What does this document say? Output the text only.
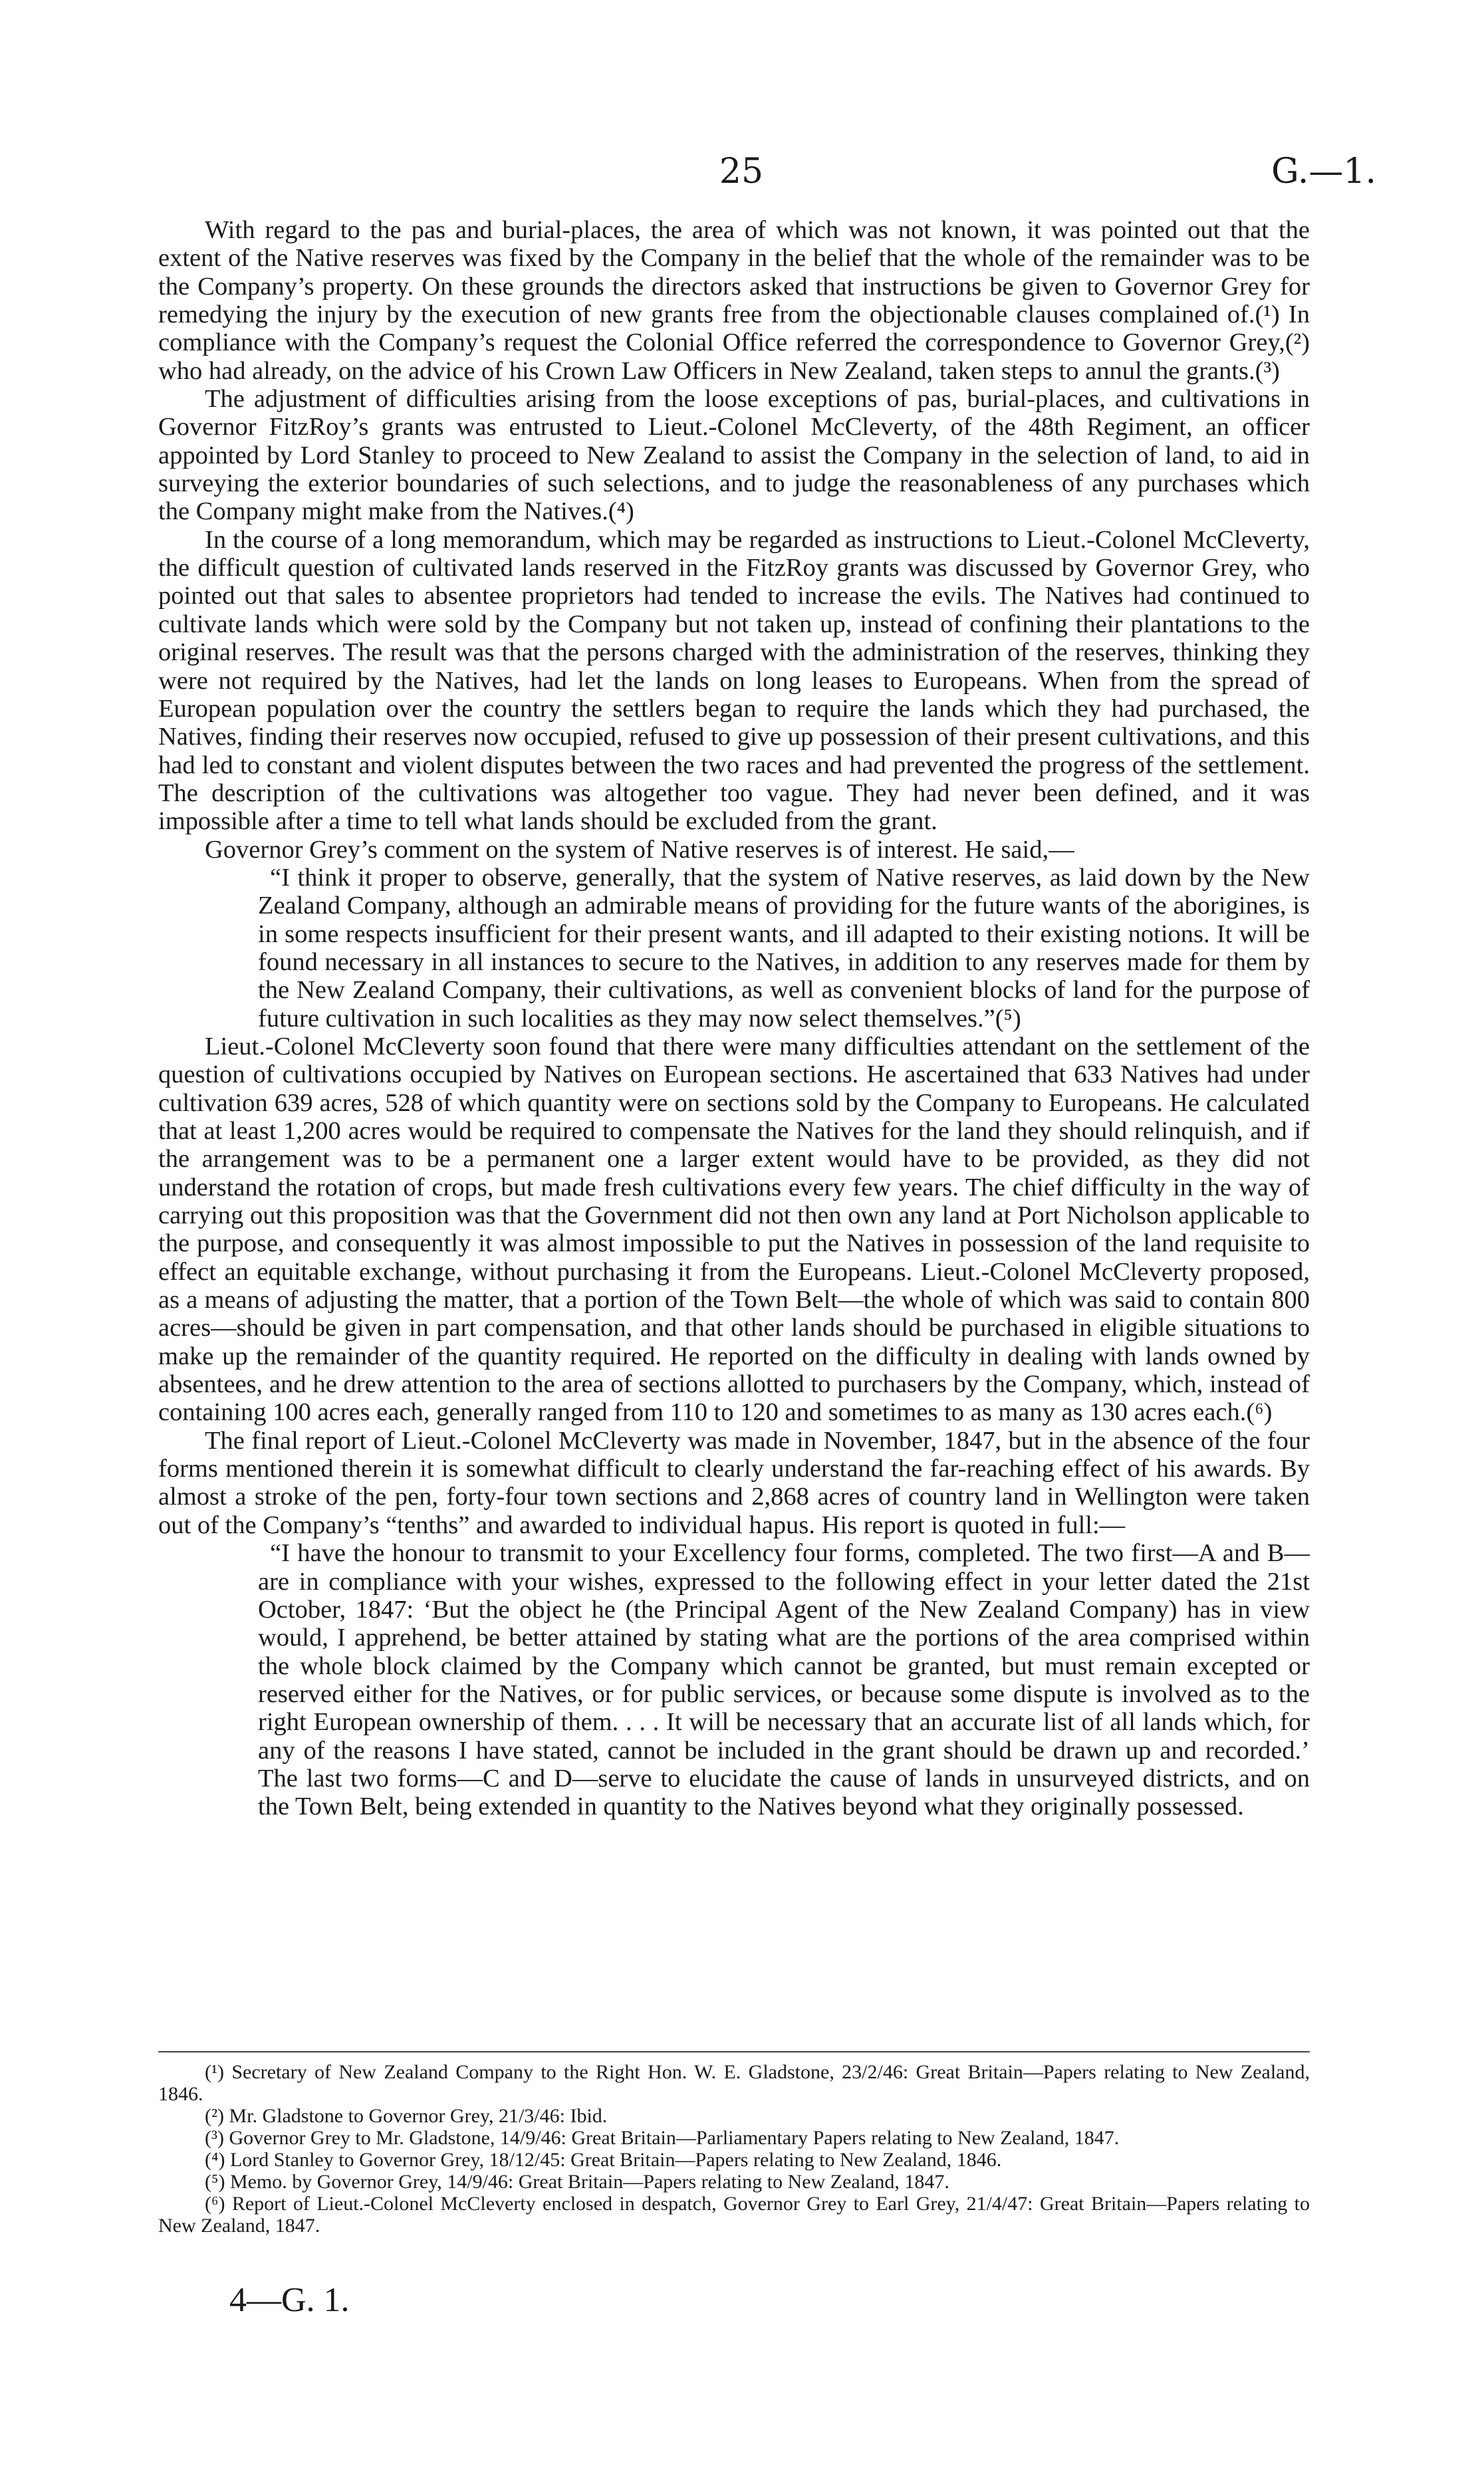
25	G.—1.

With regard to the pas and burial-places, the area of which was not known, it was pointed out that the extent of the Native reserves was fixed by the Company in the belief that the whole of the remainder was to be the Company’s property. On these grounds the directors asked that instructions be given to Governor Grey for remedying the injury by the execution of new grants free from the objectionable clauses complained of.(¹) In compliance with the Company’s request the Colonial Office referred the correspondence to Governor Grey,(²) who had already, on the advice of his Crown Law Officers in New Zealand, taken steps to annul the grants.(³)

The adjustment of difficulties arising from the loose exceptions of pas, burial-places, and cultivations in Governor FitzRoy’s grants was entrusted to Lieut.-Colonel McCleverty, of the 48th Regiment, an officer appointed by Lord Stanley to proceed to New Zealand to assist the Company in the selection of land, to aid in surveying the exterior boundaries of such selections, and to judge the reasonableness of any purchases which the Company might make from the Natives.(⁴)

In the course of a long memorandum, which may be regarded as instructions to Lieut.-Colonel McCleverty, the difficult question of cultivated lands reserved in the FitzRoy grants was discussed by Governor Grey, who pointed out that sales to absentee proprietors had tended to increase the evils. The Natives had continued to cultivate lands which were sold by the Company but not taken up, instead of confining their plantations to the original reserves. The result was that the persons charged with the administration of the reserves, thinking they were not required by the Natives, had let the lands on long leases to Europeans. When from the spread of European population over the country the settlers began to require the lands which they had purchased, the Natives, finding their reserves now occupied, refused to give up possession of their present cultivations, and this had led to constant and violent disputes between the two races and had prevented the progress of the settlement. The description of the cultivations was altogether too vague. They had never been defined, and it was impossible after a time to tell what lands should be excluded from the grant.

Governor Grey’s comment on the system of Native reserves is of interest. He said,—

“I think it proper to observe, generally, that the system of Native reserves, as laid down by the New Zealand Company, although an admirable means of providing for the future wants of the aborigines, is in some respects insufficient for their present wants, and ill adapted to their existing notions. It will be found necessary in all instances to secure to the Natives, in addition to any reserves made for them by the New Zealand Company, their cultivations, as well as convenient blocks of land for the purpose of future cultivation in such localities as they may now select themselves.”(⁵)

Lieut.-Colonel McCleverty soon found that there were many difficulties attendant on the settlement of the question of cultivations occupied by Natives on European sections. He ascertained that 633 Natives had under cultivation 639 acres, 528 of which quantity were on sections sold by the Company to Europeans. He calculated that at least 1,200 acres would be required to compensate the Natives for the land they should relinquish, and if the arrangement was to be a permanent one a larger extent would have to be provided, as they did not understand the rotation of crops, but made fresh cultivations every few years. The chief difficulty in the way of carrying out this proposition was that the Government did not then own any land at Port Nicholson applicable to the purpose, and consequently it was almost impossible to put the Natives in possession of the land requisite to effect an equitable exchange, without purchasing it from the Europeans. Lieut.-Colonel McCleverty proposed, as a means of adjusting the matter, that a portion of the Town Belt—the whole of which was said to contain 800 acres—should be given in part compensation, and that other lands should be purchased in eligible situations to make up the remainder of the quantity required. He reported on the difficulty in dealing with lands owned by absentees, and he drew attention to the area of sections allotted to purchasers by the Company, which, instead of containing 100 acres each, generally ranged from 110 to 120 and sometimes to as many as 130 acres each.(⁶)

The final report of Lieut.-Colonel McCleverty was made in November, 1847, but in the absence of the four forms mentioned therein it is somewhat difficult to clearly understand the far-reaching effect of his awards. By almost a stroke of the pen, forty-four town sections and 2,868 acres of country land in Wellington were taken out of the Company’s “tenths” and awarded to individual hapus. His report is quoted in full:—

“I have the honour to transmit to your Excellency four forms, completed. The two first—A and B—are in compliance with your wishes, expressed to the following effect in your letter dated the 21st October, 1847: ‘But the object he (the Principal Agent of the New Zealand Company) has in view would, I apprehend, be better attained by stating what are the portions of the area comprised within the whole block claimed by the Company which cannot be granted, but must remain excepted or reserved either for the Natives, or for public services, or because some dispute is involved as to the right European ownership of them. . . . It will be necessary that an accurate list of all lands which, for any of the reasons I have stated, cannot be included in the grant should be drawn up and recorded.’ The last two forms—C and D—serve to elucidate the cause of lands in unsurveyed districts, and on the Town Belt, being extended in quantity to the Natives beyond what they originally possessed.

(¹) Secretary of New Zealand Company to the Right Hon. W. E. Gladstone, 23/2/46: Great Britain—Papers relating to New Zealand, 1846.

(²) Mr. Gladstone to Governor Grey, 21/3/46: Ibid.

(³) Governor Grey to Mr. Gladstone, 14/9/46: Great Britain—Parliamentary Papers relating to New Zealand, 1847.

(⁴) Lord Stanley to Governor Grey, 18/12/45: Great Britain—Papers relating to New Zealand, 1846.

(⁵) Memo. by Governor Grey, 14/9/46: Great Britain—Papers relating to New Zealand, 1847.

(⁶) Report of Lieut.-Colonel McCleverty enclosed in despatch, Governor Grey to Earl Grey, 21/4/47: Great Britain—Papers relating to New Zealand, 1847.

4—G. 1.
